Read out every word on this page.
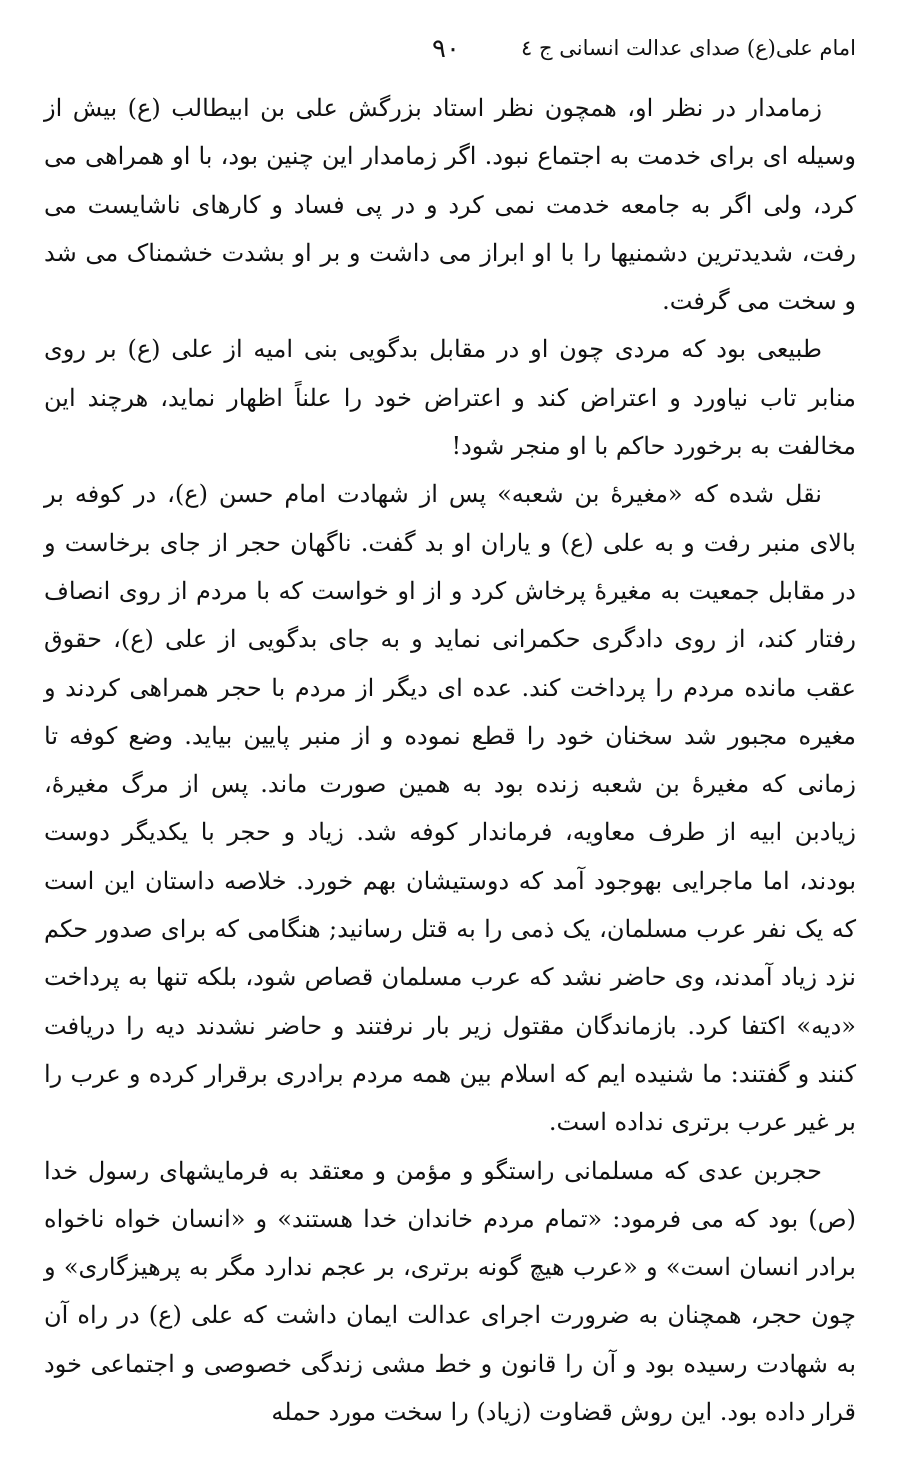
امام علی(ع) صدای عدالت انسانی ج ٤
۹۰

زمامدار در نظر او، همچون نظر استاد بزرگش علی بن ابیطالب (ع) بیش از وسیله ای برای خدمت به اجتماع نبود. اگر زمامدار این چنین بود، با او همراهی می کرد، ولی اگر به جامعه خدمت نمی کرد و در پی فساد و کارهای ناشایست می رفت، شدیدترین دشمنیها را با او ابراز می داشت و بر او بشدت خشمناک می شد و سخت می گرفت.

طبیعی بود که مردی چون او در مقابل بدگویی بنی امیه از علی (ع) بر روی منابر تاب نیاورد و اعتراض کند و اعتراض خود را علناً اظهار نماید، هرچند این مخالفت به برخورد حاکم با او منجر شود!

نقل شده که «مغیرهٔ بن شعبه» پس از شهادت امام حسن (ع)، در کوفه بر بالای منبر رفت و به علی (ع) و یاران او بد گفت. ناگهان حجر از جای برخاست و در مقابل جمعیت به مغیرهٔ پرخاش کرد و از او خواست که با مردم از روی انصاف رفتار کند، از روی دادگری حکمرانی نماید و به جای بدگویی از علی (ع)، حقوق عقب مانده مردم را پرداخت کند. عده ای دیگر از مردم با حجر همراهی کردند و مغیره مجبور شد سخنان خود را قطع نموده و از منبر پایین بیاید. وضع کوفه تا زمانی که مغیرهٔ بن شعبه زنده بود به همین صورت ماند. پس از مرگ مغیرهٔ، زیادبن ابیه از طرف معاویه، فرماندار کوفه شد. زیاد و حجر با یکدیگر دوست بودند، اما ماجرایی بهوجود آمد که دوستیشان بهم خورد. خلاصه داستان این است که یک نفر عرب مسلمان، یک ذمی را به قتل رسانید; هنگامی که برای صدور حکم نزد زیاد آمدند، وی حاضر نشد که عرب مسلمان قصاص شود، بلکه تنها به پرداخت «دیه» اکتفا کرد. بازماندگان مقتول زیر بار نرفتند و حاضر نشدند دیه را دریافت کنند و گفتند: ما شنیده ایم که اسلام بین همه مردم برادری برقرار کرده و عرب را بر غیر عرب برتری نداده است.

حجربن عدی که مسلمانی راستگو و مؤمن و معتقد به فرمایشهای رسول خدا (ص) بود که می فرمود: «تمام مردم خاندان خدا هستند» و «انسان خواه ناخواه برادر انسان است» و «عرب هیچ گونه برتری، بر عجم ندارد مگر به پرهیزگاری» و چون حجر، همچنان به ضرورت اجرای عدالت ایمان داشت که علی (ع) در راه آن به شهادت رسیده بود و آن را قانون و خط مشی زندگی خصوصی و اجتماعی خود قرار داده بود. این روش قضاوت (زیاد) را سخت مورد حمله
